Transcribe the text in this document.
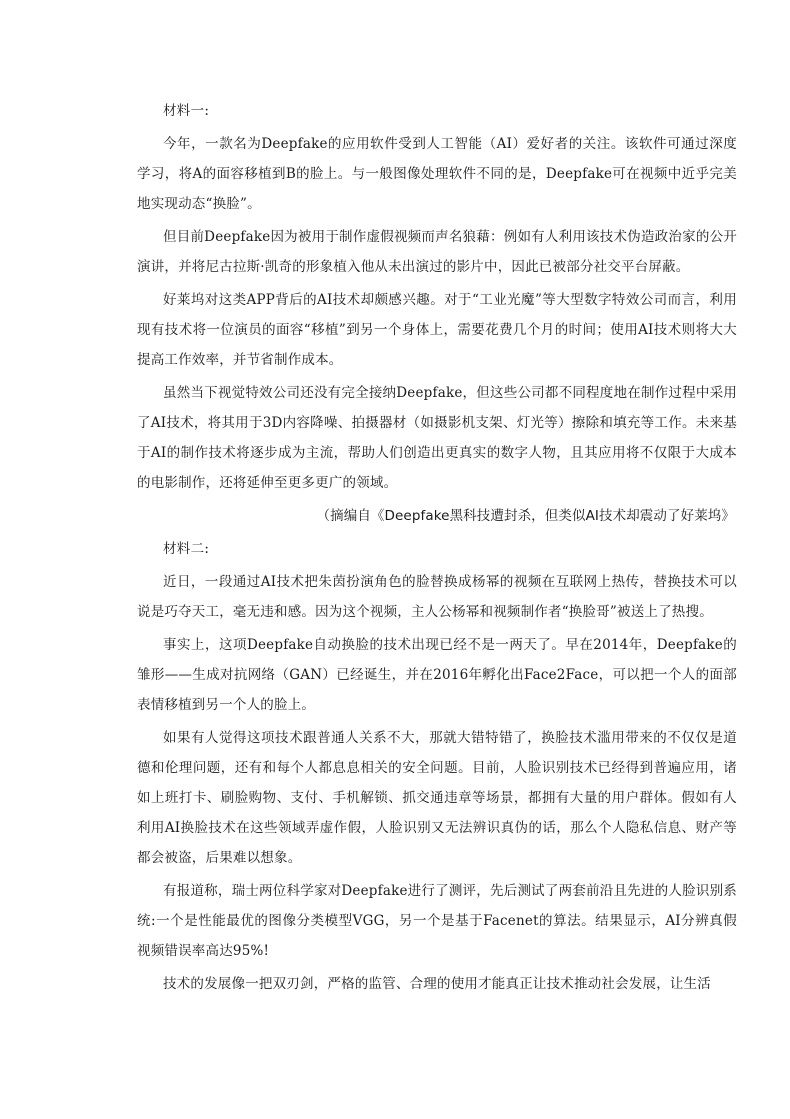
材料一:

今年，一款名为Deepfake的应用软件受到人工智能（AI）爱好者的关注。该软件可通过深度学习，将A的面容移植到B的脸上。与一般图像处理软件不同的是，Deepfake可在视频中近乎完美地实现动态“换脸”。

但目前Deepfake因为被用于制作虚假视频而声名狼藉：例如有人利用该技术伪造政治家的公开演讲，并将尼古拉斯·凯奇的形象植入他从未出演过的影片中，因此已被部分社交平台屏蔽。

好莱坞对这类APP背后的AI技术却颇感兴趣。对于“工业光魔”等大型数字特效公司而言，利用现有技术将一位演员的面容“移植”到另一个身体上，需要花费几个月的时间；使用AI技术则将大大提高工作效率，并节省制作成本。

虽然当下视觉特效公司还没有完全接纳Deepfake，但这些公司都不同程度地在制作过程中采用了AI技术，将其用于3D内容降噪、拍摄器材（如摄影机支架、灯光等）擦除和填充等工作。未来基于AI的制作技术将逐步成为主流，帮助人们创造出更真实的数字人物，且其应用将不仅限于大成本的电影制作，还将延伸至更多更广的领域。

（摘编自《Deepfake黑科技遭封杀，但类似AI技术却震动了好莱坞》

材料二:

近日，一段通过AI技术把朱茵扮演角色的脸替换成杨幂的视频在互联网上热传，替换技术可以说是巧夺天工，毫无违和感。因为这个视频，主人公杨幂和视频制作者“换脸哥”被送上了热搜。

事实上，这项Deepfake自动换脸的技术出现已经不是一两天了。早在2014年，Deepfake的雏形——生成对抗网络（GAN）已经诞生，并在2016年孵化出Face2Face，可以把一个人的面部表情移植到另一个人的脸上。

如果有人觉得这项技术跟普通人关系不大，那就大错特错了，换脸技术滥用带来的不仅仅是道德和伦理问题，还有和每个人都息息相关的安全问题。目前，人脸识别技术已经得到普遍应用，诸如上班打卡、刷脸购物、支付、手机解锁、抓交通违章等场景，都拥有大量的用户群体。假如有人利用AI换脸技术在这些领域弄虚作假，人脸识别又无法辨识真伪的话，那么个人隐私信息、财产等都会被盗，后果难以想象。

有报道称，瑞士两位科学家对Deepfake进行了测评，先后测试了两套前沿且先进的人脸识别系统:一个是性能最优的图像分类模型VGG，另一个是基于Facenet的算法。结果显示，AI分辨真假视频错误率高达95%!

技术的发展像一把双刃剑，严格的监管、合理的使用才能真正让技术推动社会发展，让生活
